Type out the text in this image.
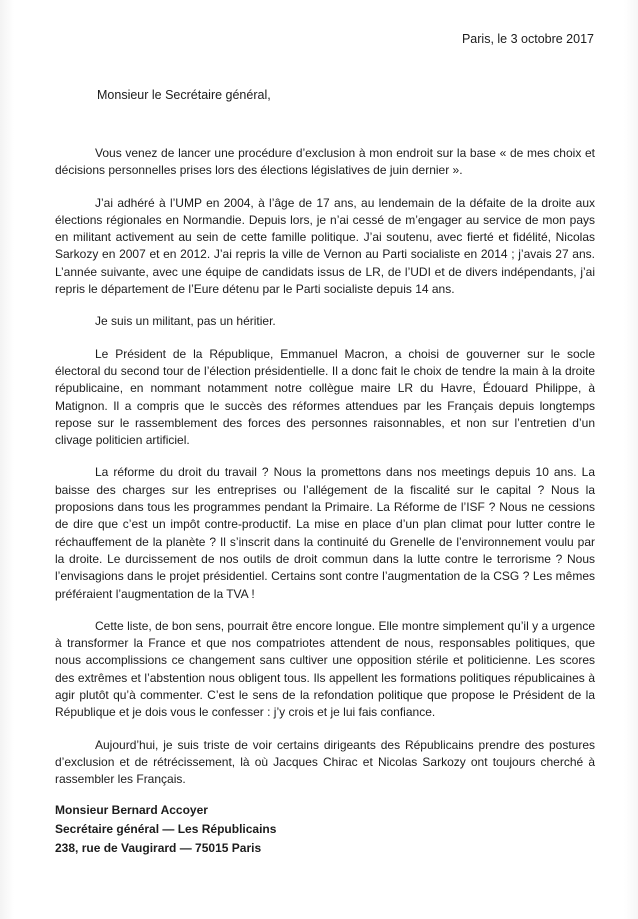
Paris, le 3 octobre 2017
Monsieur le Secrétaire général,

Vous venez de lancer une procédure d’exclusion à mon endroit sur la base « de mes choix et décisions personnelles prises lors des élections législatives de juin dernier ».

J’ai adhéré à l’UMP en 2004, à l’âge de 17 ans, au lendemain de la défaite de la droite aux élections régionales en Normandie. Depuis lors, je n’ai cessé de m’engager au service de mon pays en militant activement au sein de cette famille politique. J’ai soutenu, avec fierté et fidélité, Nicolas Sarkozy en 2007 et en 2012. J’ai repris la ville de Vernon au Parti socialiste en 2014 ; j’avais 27 ans. L’année suivante, avec une équipe de candidats issus de LR, de l’UDI et de divers indépendants, j’ai repris le département de l’Eure détenu par le Parti socialiste depuis 14 ans.

Je suis un militant, pas un héritier.

Le Président de la République, Emmanuel Macron, a choisi de gouverner sur le socle électoral du second tour de l’élection présidentielle. Il a donc fait le choix de tendre la main à la droite républicaine, en nommant notamment notre collègue maire LR du Havre, Édouard Philippe, à Matignon. Il a compris que le succès des réformes attendues par les Français depuis longtemps repose sur le rassemblement des forces des personnes raisonnables, et non sur l’entretien d’un clivage politicien artificiel.

La réforme du droit du travail ? Nous la promettons dans nos meetings depuis 10 ans. La baisse des charges sur les entreprises ou l’allégement de la fiscalité sur le capital ? Nous la proposions dans tous les programmes pendant la Primaire. La Réforme de l’ISF ? Nous ne cessions de dire que c’est un impôt contre-productif. La mise en place d’un plan climat pour lutter contre le réchauffement de la planète ? Il s’inscrit dans la continuité du Grenelle de l’environnement voulu par la droite. Le durcissement de nos outils de droit commun dans la lutte contre le terrorisme ? Nous l’envisagions dans le projet présidentiel. Certains sont contre l’augmentation de la CSG ? Les mêmes préféraient l’augmentation de la TVA !

Cette liste, de bon sens, pourrait être encore longue. Elle montre simplement qu’il y a urgence à transformer la France et que nos compatriotes attendent de nous, responsables politiques, que nous accomplissions ce changement sans cultiver une opposition stérile et politicienne. Les scores des extrêmes et l’abstention nous obligent tous. Ils appellent les formations politiques républicaines à agir plutôt qu’à commenter. C’est le sens de la refondation politique que propose le Président de la République et je dois vous le confesser : j’y crois et je lui fais confiance.

Aujourd’hui, je suis triste de voir certains dirigeants des Républicains prendre des postures d’exclusion et de rétrécissement, là où Jacques Chirac et Nicolas Sarkozy ont toujours cherché à rassembler les Français.

Monsieur Bernard Accoyer
Secrétaire général — Les Républicains
238, rue de Vaugirard — 75015 Paris
